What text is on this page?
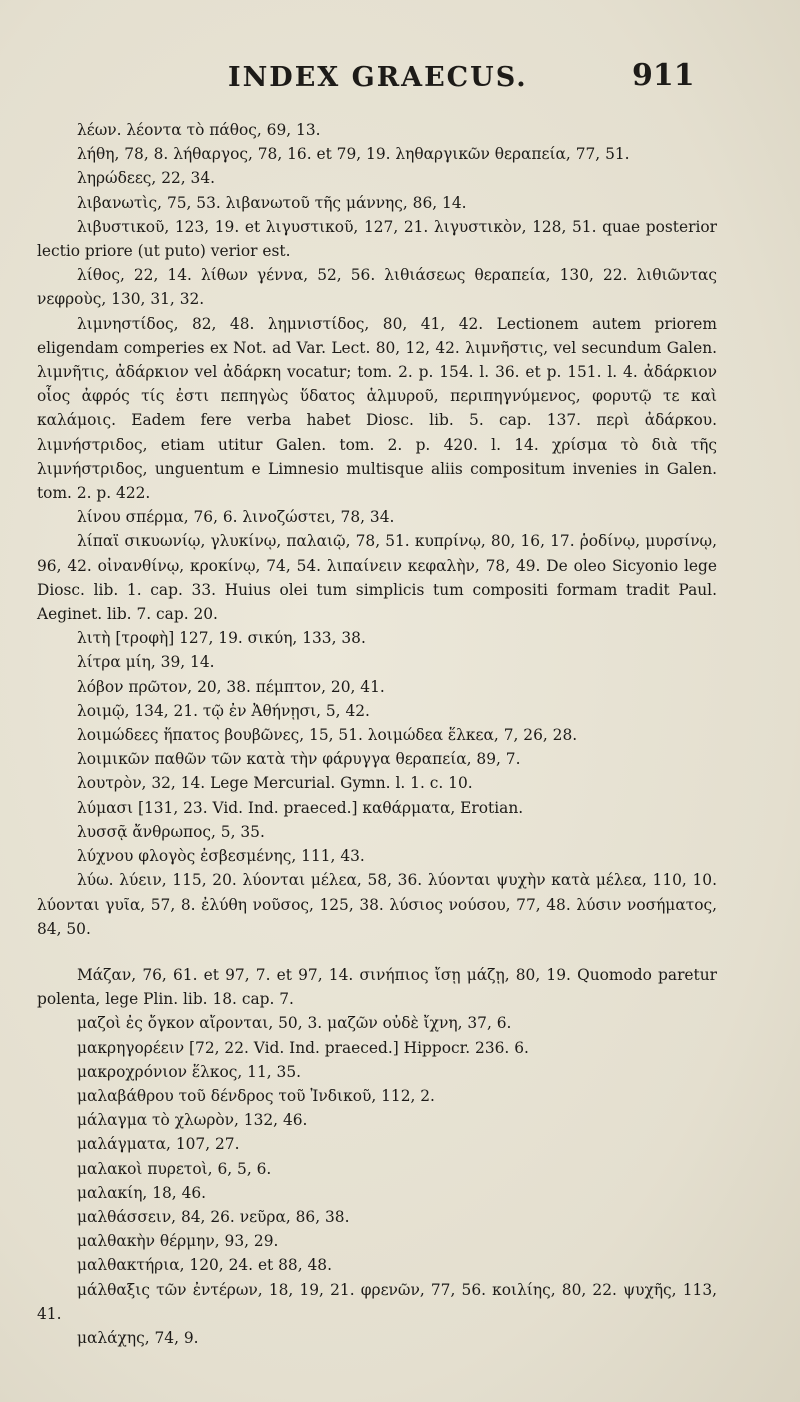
INDEX GRAECUS.	911

λέων. λέοντα τὸ πάθος, 69, 13.

λήθη, 78, 8. λήθαργος, 78, 16. et 79, 19. ληθαργικῶν θεραπεία, 77, 51.

ληρώδεες, 22, 34.

λιβανωτὶς, 75, 53. λιβανωτοῦ τῆς μάννης, 86, 14.

λιβυστικοῦ, 123, 19. et λιγυστικοῦ, 127, 21. λιγυστικὸν, 128, 51. quae posterior lectio priore (ut puto) verior est.

λίθος, 22, 14. λίθων γέννα, 52, 56. λιθιάσεως θεραπεία, 130, 22. λιθιῶντας νεφροὺς, 130, 31, 32.

λιμνηστίδος, 82, 48. λημνιστίδος, 80, 41, 42. Lectionem autem priorem eligendam comperies ex Not. ad Var. Lect. 80, 12, 42. λιμνῆστις, vel secundum Galen. λιμνῆτις, ἀδάρκιον vel ἀδάρκη vocatur; tom. 2. p. 154. l. 36. et p. 151. l. 4. ἀδάρκιον οἷος ἀφρός τίς ἐστι πεπηγὼς ὕδατος ἁλμυροῦ, περιπηγνύμενος, φορυτῷ τε καὶ καλάμοις. Eadem fere verba habet Diosc. lib. 5. cap. 137. περὶ ἀδάρκου. λιμνήστριδος, etiam utitur Galen. tom. 2. p. 420. l. 14. χρίσμα τὸ διὰ τῆς λιμνήστριδος, unguentum e Limnesio multisque aliis compositum invenies in Galen. tom. 2. p. 422.

λίνου σπέρμα, 76, 6. λινοζώστει, 78, 34.

λίπαϊ σικυωνίῳ, γλυκίνῳ, παλαιῷ, 78, 51. κυπρίνῳ, 80, 16, 17. ῥοδίνῳ, μυρσίνῳ, 96, 42. οἰνανθίνῳ, κροκίνῳ, 74, 54. λιπαίνειν κεφαλὴν, 78, 49. De oleo Sicyonio lege Diosc. lib. 1. cap. 33. Huius olei tum simplicis tum compositi formam tradit Paul. Aeginet. lib. 7. cap. 20.

λιτὴ [τροφὴ] 127, 19. σικύη, 133, 38.

λίτρα μίη, 39, 14.

λόβον πρῶτον, 20, 38. πέμπτον, 20, 41.

λοιμῷ, 134, 21. τῷ ἐν Ἀθήνῃσι, 5, 42.

λοιμώδεες ἥπατος βουβῶνες, 15, 51. λοιμώδεα ἕλκεα, 7, 26, 28.

λοιμικῶν παθῶν τῶν κατὰ τὴν φάρυγγα θεραπεία, 89, 7.

λουτρὸν, 32, 14. Lege Mercurial. Gymn. l. 1. c. 10.

λύμασι [131, 23. Vid. Ind. praeced.] καθάρματα, Erotian.

λυσσᾷ ἄνθρωπος, 5, 35.

λύχνου φλογὸς ἐσβεσμένης, 111, 43.

λύω. λύειν, 115, 20. λύονται μέλεα, 58, 36. λύονται ψυχὴν κατὰ μέλεα, 110, 10. λύονται γυῖα, 57, 8. ἐλύθη νοῦσος, 125, 38. λύσιος νούσου, 77, 48. λύσιν νοσήματος, 84, 50.

Μάζαν, 76, 61. et 97, 7. et 97, 14. σινήπιος ἴσῃ μάζῃ, 80, 19. Quomodo paretur polenta, lege Plin. lib. 18. cap. 7.

μαζοὶ ἐς ὄγκον αἴρονται, 50, 3. μαζῶν οὐδὲ ἴχνη, 37, 6.

μακρηγορέειν [72, 22. Vid. Ind. praeced.] Hippocr. 236. 6.

μακροχρόνιον ἕλκος, 11, 35.

μαλαβάθρου τοῦ δένδρος τοῦ Ἰνδικοῦ, 112, 2.

μάλαγμα τὸ χλωρὸν, 132, 46.

μαλάγματα, 107, 27.

μαλακοὶ πυρετοὶ, 6, 5, 6.

μαλακίη, 18, 46.

μαλθάσσειν, 84, 26. νεῦρα, 86, 38.

μαλθακὴν θέρμην, 93, 29.

μαλθακτήρια, 120, 24. et 88, 48.

μάλθαξις τῶν ἐντέρων, 18, 19, 21. φρενῶν, 77, 56. κοιλίης, 80, 22. ψυχῆς, 113, 41.

μαλάχης, 74, 9.
